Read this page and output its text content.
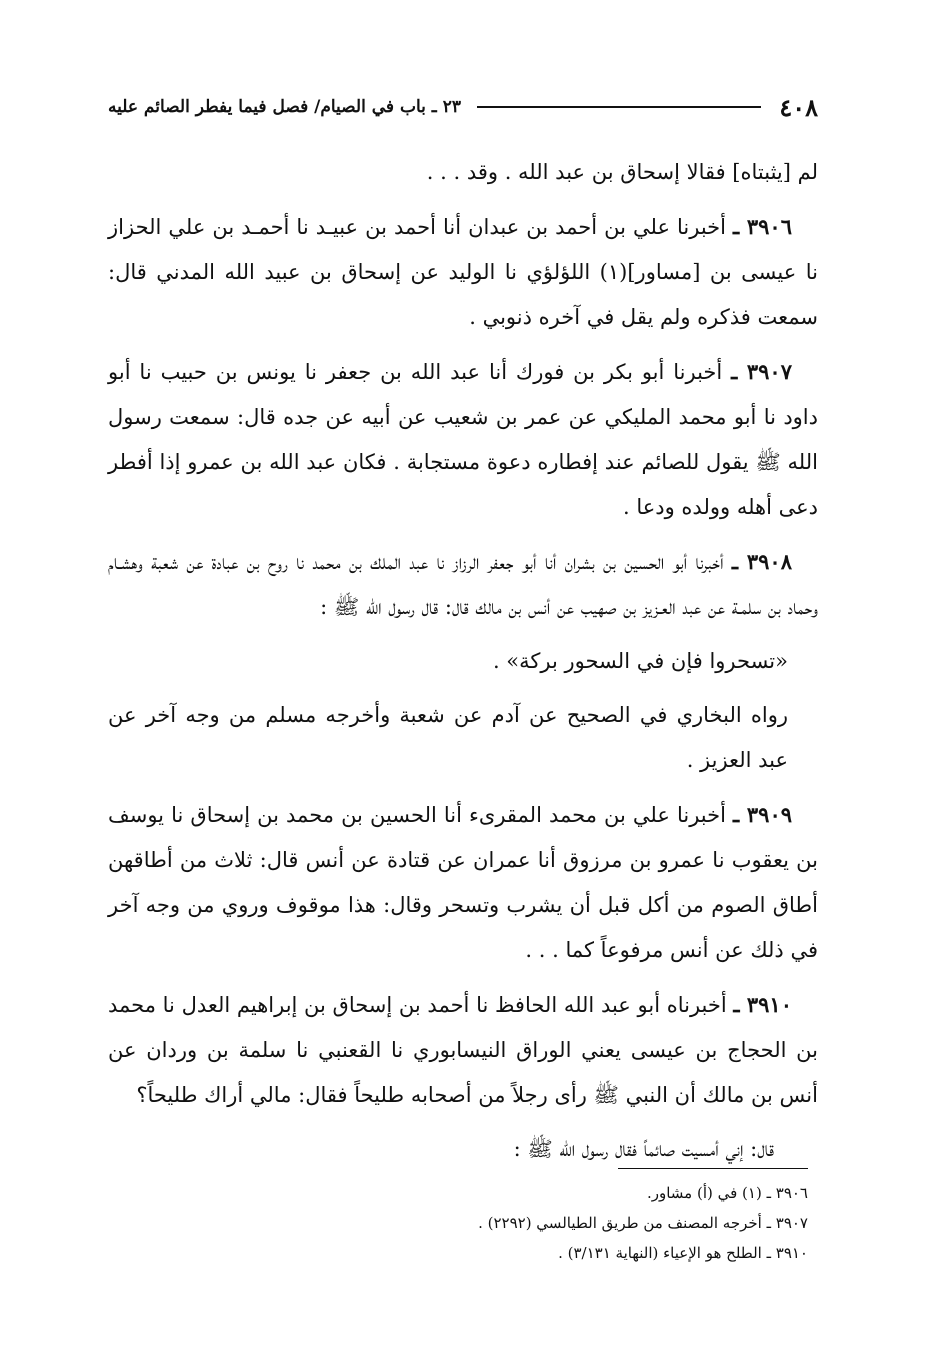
٤٠٨
٢٣ ـ باب في الصيام/ فصل فيما يفطر الصائم عليه

لم [يثبتاه] فقالا إسحاق بن عبد الله . وقد . . .

٣٩٠٦ ـ أخبرنا علي بن أحمد بن عبدان أنا أحمد بن عبيـد نا أحمـد بن علي الحزاز نا عيسى بن [مساور](١) اللؤلؤي نا الوليد عن إسحاق بن عبيد الله المدني قال: سمعت فذكره ولم يقل في آخره ذنوبي .

٣٩٠٧ ـ أخبرنا أبو بكر بن فورك أنا عبد الله بن جعفر نا يونس بن حبيب نا أبو داود نا أبو محمد المليكي عن عمر بن شعيب عن أبيه عن جده قال: سمعت رسول الله ﷺ يقول للصائم عند إفطاره دعوة مستجابة . فكان عبد الله بن عمرو إذا أفطر دعى أهله وولده ودعا .

٣٩٠٨ ـ أخبرنا أبو الحسين بن بشران أنا أبو جعفر الرزاز نا عبد الملك بن محمد نا روح بن عبادة عن شعبة وهشـام وحماد بن سلمـة عن عبد العـزيز بن صهيب عن أنس بن مالك قال: قال رسول الله ﷺ :

«تسحروا فإن في السحور بركة» .

رواه البخاري في الصحيح عن آدم عن شعبة وأخرجه مسلم من وجه آخر عن عبد العزيز .

٣٩٠٩ ـ أخبرنا علي بن محمد المقرىء أنا الحسين بن محمد بن إسحاق نا يوسف بن يعقوب نا عمرو بن مرزوق أنا عمران عن قتادة عن أنس قال: ثلاث من أطاقهن أطاق الصوم من أكل قبل أن يشرب وتسحر وقال: هذا موقوف وروي من وجه آخر في ذلك عن أنس مرفوعاً كما . . .

٣٩١٠ ـ أخبرناه أبو عبد الله الحافظ نا أحمد بن إسحاق بن إبراهيم العدل نا محمد بن الحجاج بن عيسى يعني الوراق النيسابوري نا القعنبي نا سلمة بن وردان عن أنس بن مالك أن النبي ﷺ رأى رجلاً من أصحابه طليحاً فقال: مالي أراك طليحاً؟

قال: إني أمسيت صائماً فقال رسول الله ﷺ :

٣٩٠٦ ـ (١) في (أ) مشاور.

٣٩٠٧ ـ أخرجه المصنف من طريق الطيالسي (٢٢٩٢) .

٣٩١٠ ـ الطلح هو الإعياء (النهاية ٣/١٣١) .
